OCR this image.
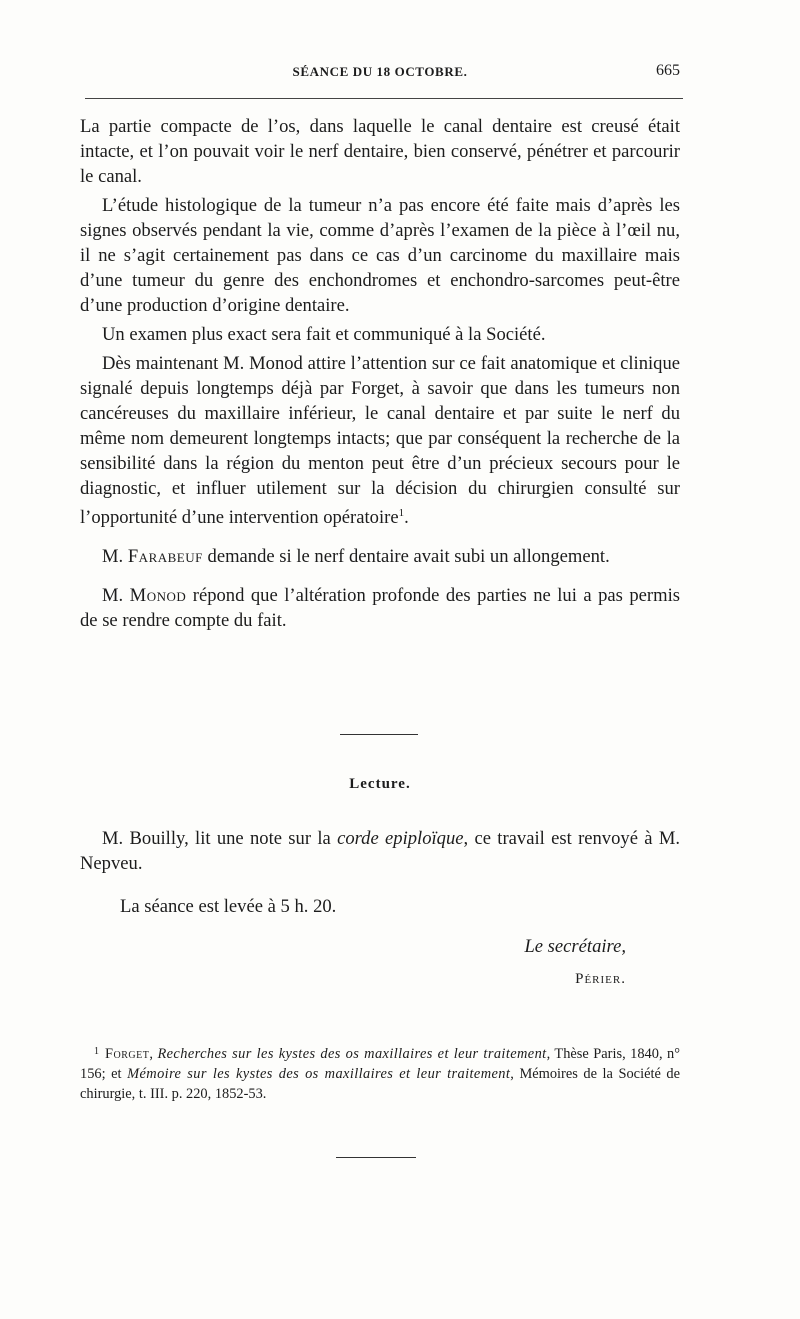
SÉANCE DU 18 OCTOBRE.	665

La partie compacte de l’os, dans laquelle le canal dentaire est creusé était intacte, et l’on pouvait voir le nerf dentaire, bien conservé, pénétrer et parcourir le canal.

L’étude histologique de la tumeur n’a pas encore été faite mais d’après les signes observés pendant la vie, comme d’après l’examen de la pièce à l’œil nu, il ne s’agit certainement pas dans ce cas d’un carcinome du maxillaire mais d’une tumeur du genre des enchondromes et enchondro-sarcomes peut-être d’une production d’origine dentaire.

Un examen plus exact sera fait et communiqué à la Société.

Dès maintenant M. Monod attire l’attention sur ce fait anatomique et clinique signalé depuis longtemps déjà par Forget, à savoir que dans les tumeurs non cancéreuses du maxillaire inférieur, le canal dentaire et par suite le nerf du même nom demeurent longtemps intacts; que par conséquent la recherche de la sensibilité dans la région du menton peut être d’un précieux secours pour le diagnostic, et influer utilement sur la décision du chirurgien consulté sur l’opportunité d’une intervention opératoire$^1$.

M. Farabeuf demande si le nerf dentaire avait subi un allongement.

M. Monod répond que l’altération profonde des parties ne lui a pas permis de se rendre compte du fait.

Lecture.

M. Bouilly, lit une note sur la corde epiploïque, ce travail est renvoyé à M. Nepveu.

La séance est levée à 5 h. 20.
Le secrétaire,
Périer.
$^1$ Forget, Recherches sur les kystes des os maxillaires et leur traitement, Thèse Paris, 1840, n° 156; et Mémoire sur les kystes des os maxillaires et leur traitement, Mémoires de la Société de chirurgie, t. III. p. 220, 1852-53.
